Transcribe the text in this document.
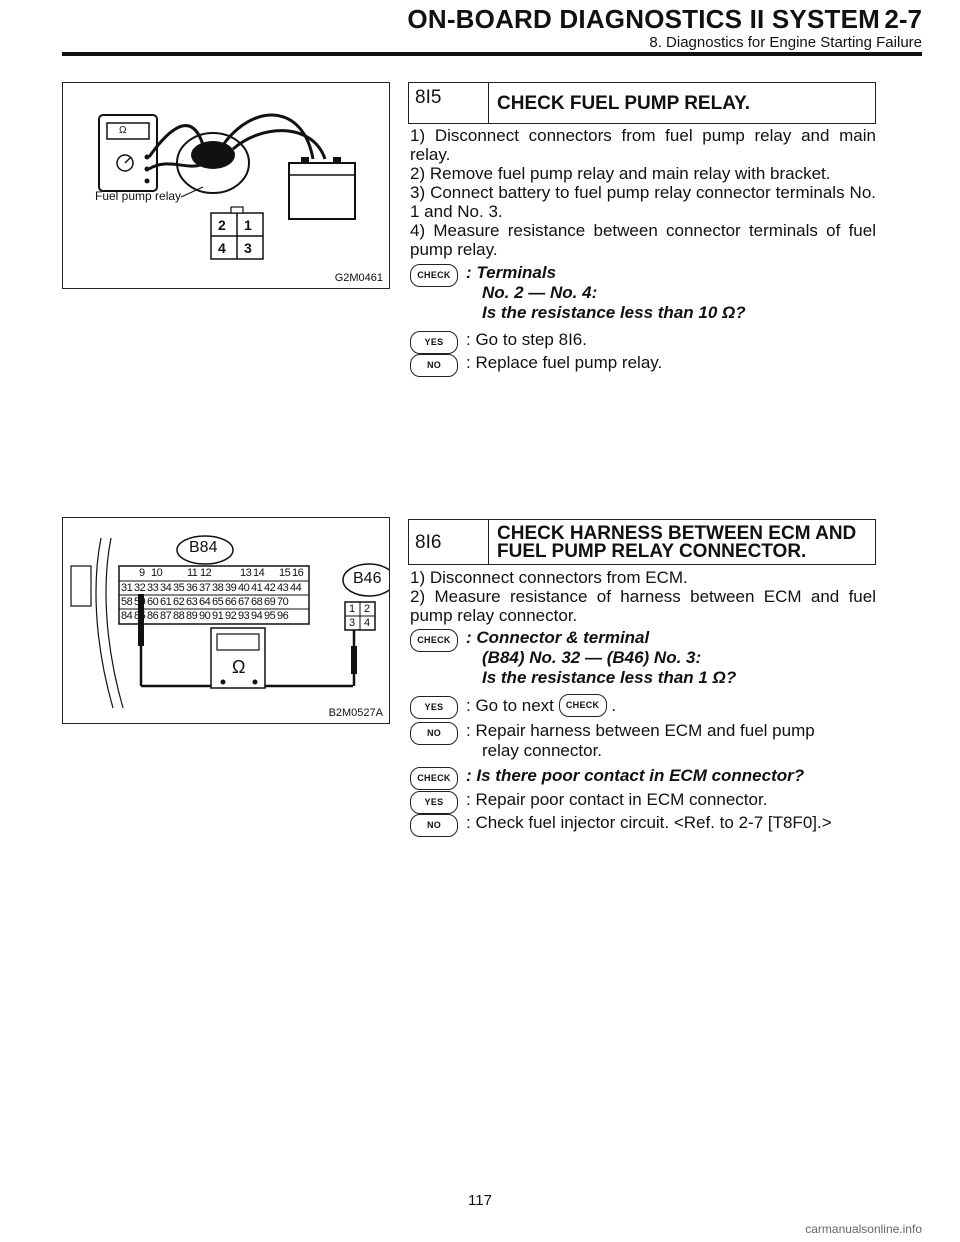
ON-BOARD DIAGNOSTICS II SYSTEM 2-7
8. Diagnostics for Engine Starting Failure
Ω
Fuel pump relay
2 1
4 3
G2M0461
8I5	CHECK FUEL PUMP RELAY.
1) Disconnect connectors from fuel pump relay and main relay.
2) Remove fuel pump relay and main relay with bracket.
3) Connect battery to fuel pump relay connector terminals No. 1 and No. 3.
4) Measure resistance between connector terminals of fuel pump relay.
CHECK : Terminals
No. 2 — No. 4:
Is the resistance less than 10 Ω?
YES	: Go to step 8I6.
NO	: Replace fuel pump relay.
B84
B46
9 10	11 12	13 14	15 16
31 32 33 34 35 36 37 38 39 40 41 42 43 44
58 59 60 61 62 63 64 65 66 67 68 69 70
84 85 86 87 88 89 90 91 92 93 94 95 96
1 2
3 4
Ω
B2M0527A
8I6	CHECK HARNESS BETWEEN ECM AND
FUEL PUMP RELAY CONNECTOR.
1) Disconnect connectors from ECM.
2) Measure resistance of harness between ECM and fuel pump relay connector.
CHECK : Connector & terminal
(B84) No. 32 — (B46) No. 3:
Is the resistance less than 1 Ω?
YES	: Go to next CHECK .
NO	: Repair harness between ECM and fuel pump
relay connector.
CHECK : Is there poor contact in ECM connector?
YES	: Repair poor contact in ECM connector.
NO	: Check fuel injector circuit. <Ref. to 2-7 [T8F0].>
117
carmanualsonline.info
